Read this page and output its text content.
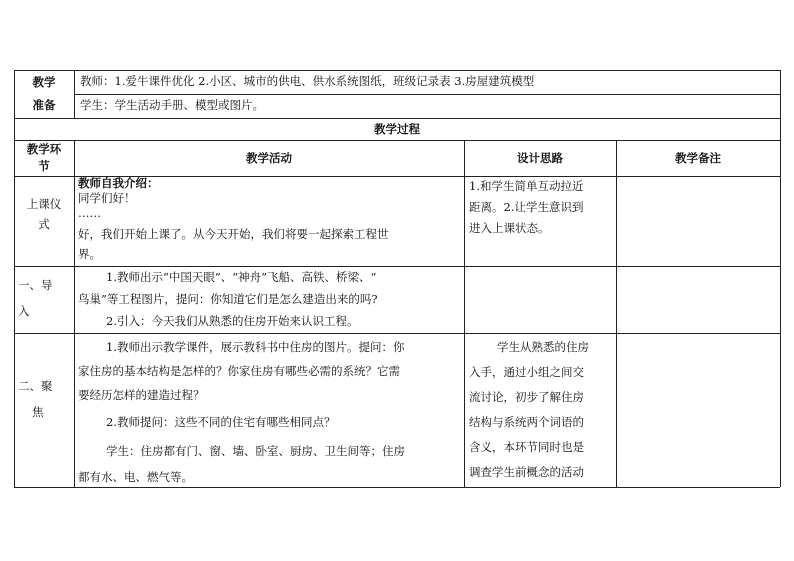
教学
准备
教师：1.爱牛课件优化 2.小区、城市的供电、供水系统图纸，班级记录表 3.房屋建筑模型
学生：学生活动手册、模型或图片。
教学过程
教学环
节
教学活动	设计思路	教学备注
上课仪
式
教师自我介绍：
同学们好！
……
好，我们开始上课了。从今天开始，我们将要一起探索工程世
界。
1.和学生简单互动拉近
距离。2.让学生意识到
进入上课状态。
一、导
入
1.教师出示“中国天眼”、“神舟”飞船、高铁、桥梁、“
鸟巢”等工程图片，提问：你知道它们是怎么建造出来的吗?
2.引入：今天我们从熟悉的住房开始来认识工程。
二、聚
焦
1.教师出示教学课件，展示教科书中住房的图片。提问：你
家住房的基本结构是怎样的？你家住房有哪些必需的系统？它需
要经历怎样的建造过程？
2.教师提问：这些不同的住宅有哪些相同点？
学生：住房都有门、窗、墙、卧室、厨房、卫生间等；住房
都有水、电、燃气等。
学生从熟悉的住房
入手，通过小组之间交
流讨论，初步了解住房
结构与系统两个词语的
含义，本环节同时也是
调查学生前概念的活动
